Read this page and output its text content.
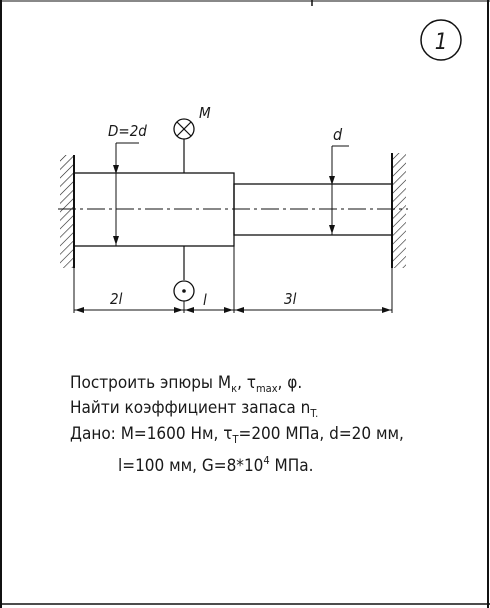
1
D=2d	d
M
2l	l	3l
Построить эпюры $M_к$, $\tau_{max}$, φ.
Найти коэффициент запаса $n_{T.}$
Дано: M=1600 Нм, $\tau_T=200$ МПа, d=20 мм,
l=100 мм, $G=8*10^4$ МПа.
